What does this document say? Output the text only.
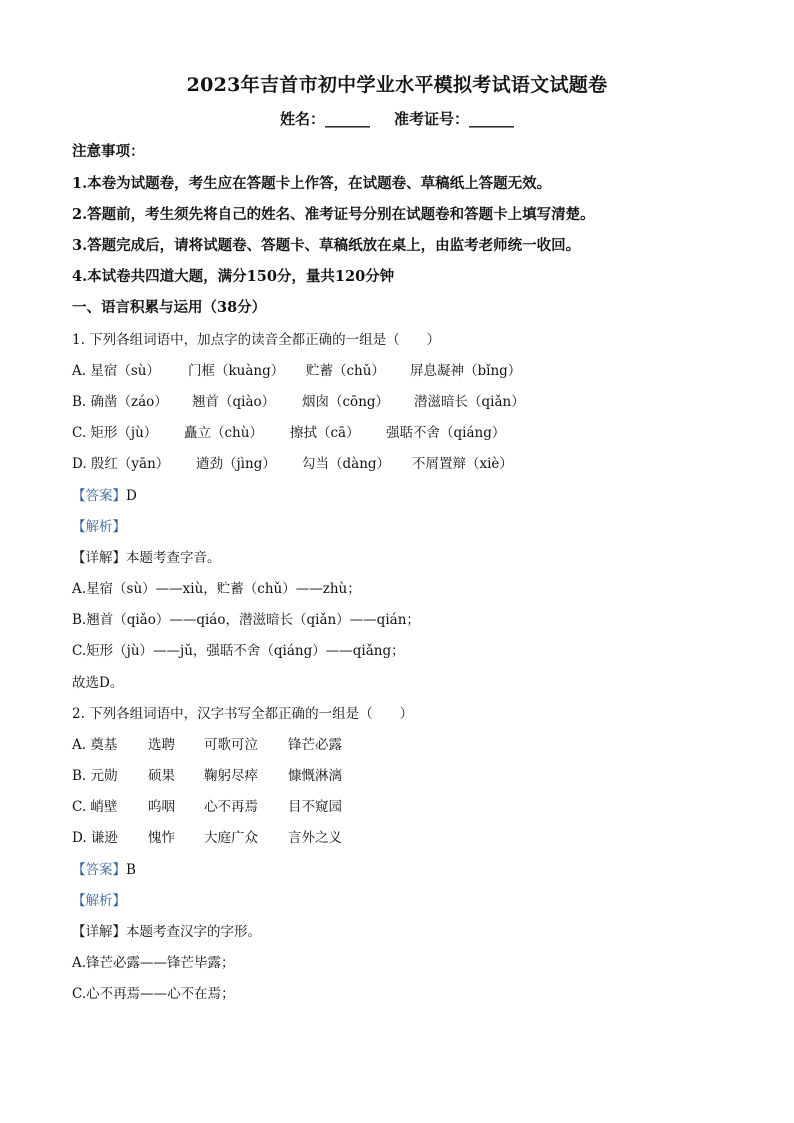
2023年吉首市初中学业水平模拟考试语文试题卷
姓名：______ 准考证号：______
注意事项：
1.本卷为试题卷，考生应在答题卡上作答，在试题卷、草稿纸上答题无效。
2.答题前，考生须先将自己的姓名、准考证号分别在试题卷和答题卡上填写清楚。
3.答题完成后，请将试题卷、答题卡、草稿纸放在桌上，由监考老师统一收回。
4.本试卷共四道大题，满分150分，量共120分钟
一、语言积累与运用（38分）
1. 下列各组词语中，加点字的读音全都正确的一组是（　　）
A. 星宿（sù） 门框（kuàng） 贮蓄（chǔ） 屏息凝神（bǐng）
B. 确凿（záo） 翘首（qiào） 烟囱（cōng） 潜滋暗长（qiǎn）
C. 矩形（jù） 矗立（chù） 擦拭（cā） 强聒不舍（qiáng）
D. 殷红（yān） 遒劲（jìng） 勾当（dàng） 不屑置辩（xiè）
【答案】D
【解析】
【详解】本题考查字音。
A.星宿（sù）——xiù，贮蓄（chǔ）——zhù；
B.翘首（qiǎo）——qiáo，潜滋暗长（qiǎn）——qián；
C.矩形（jù）——jǔ，强聒不舍（qiáng）——qiǎng；
故选D。
2. 下列各组词语中，汉字书写全都正确的一组是（　　）
A. 奠基 选聘 可歌可泣 锋芒必露
B. 元勋 硕果 鞠躬尽瘁 慷慨淋漓
C. 峭壁 呜咽 心不再焉 目不窥园
D. 谦逊 愧怍 大庭广众 言外之义
【答案】B
【解析】
【详解】本题考查汉字的字形。
A.锋芒必露——锋芒毕露；
C.心不再焉——心不在焉；
